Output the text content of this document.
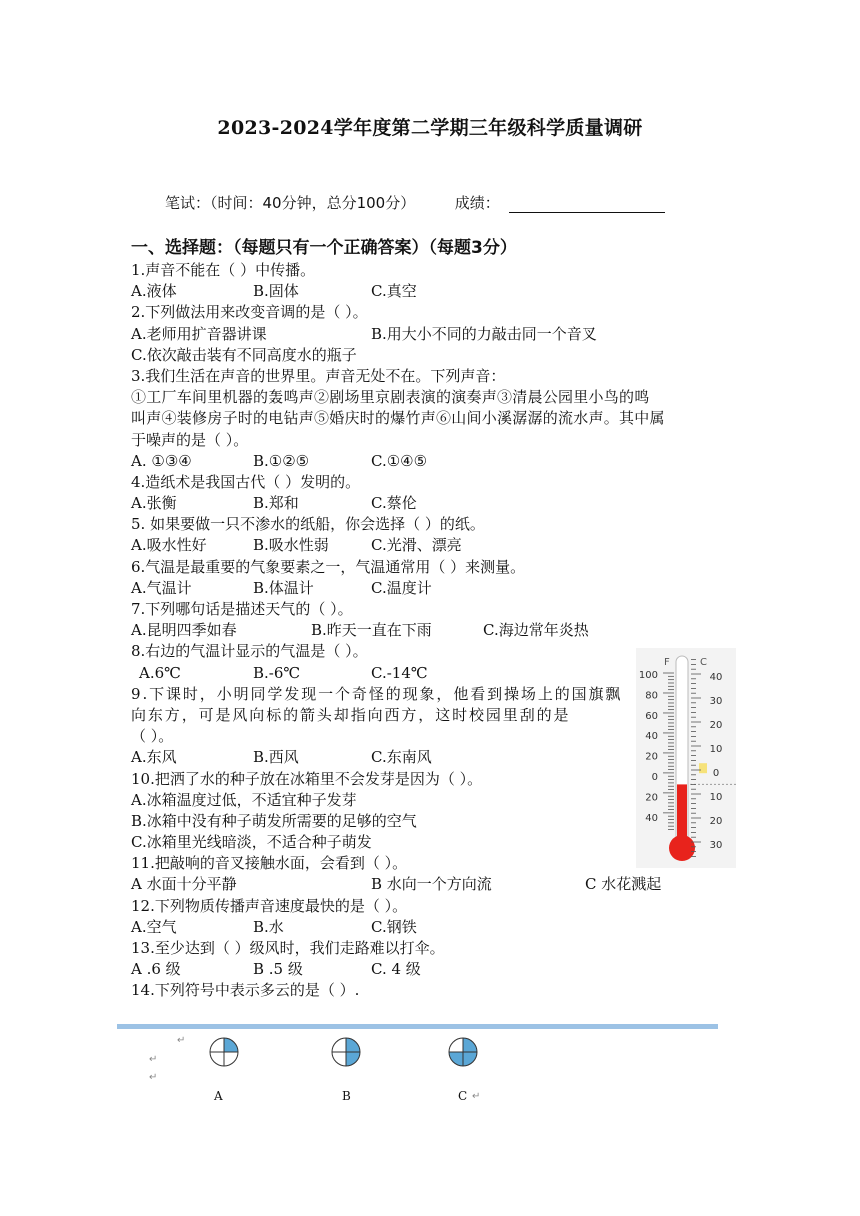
2023-2024学年度第二学期三年级科学质量调研
笔试：（时间：40分钟，总分100分）	成绩：
一、选择题：（每题只有一个正确答案）（每题3分）
1.声音不能在（ ）中传播。
A.液体	B.固体	C.真空
2.下列做法用来改变音调的是（ ）。
A.老师用扩音器讲课	B.用大小不同的力敲击同一个音叉
C.依次敲击装有不同高度水的瓶子
3.我们生活在声音的世界里。声音无处不在。下列声音：
①工厂车间里机器的轰鸣声②剧场里京剧表演的演奏声③清晨公园里小鸟的鸣
叫声④装修房子时的电钻声⑤婚庆时的爆竹声⑥山间小溪潺潺的流水声。其中属
于噪声的是（ ）。
A. ①③④	B.①②⑤	C.①④⑤
4.造纸术是我国古代（ ）发明的。
A.张衡	B.郑和	C.蔡伦
5. 如果要做一只不渗水的纸船，你会选择（ ）的纸。
A.吸水性好	B.吸水性弱	C.光滑、漂亮
6.气温是最重要的气象要素之一，气温通常用（ ）来测量。
A.气温计	B.体温计	C.温度计
7.下列哪句话是描述天气的（ ）。
A.昆明四季如春	B.昨天一直在下雨	C.海边常年炎热
8.右边的气温计显示的气温是（ ）。
A.6℃	B.-6℃	C.-14℃
9.下课时，小明同学发现一个奇怪的现象，他看到操场上的国旗飘
向东方，可是风向标的箭头却指向西方，这时校园里刮的是
（ ）。
A.东风	B.西风	C.东南风
10.把洒了水的种子放在冰箱里不会发芽是因为（ ）。
A.冰箱温度过低，不适宜种子发芽
B.冰箱中没有种子萌发所需要的足够的空气
C.冰箱里光线暗淡，不适合种子萌发
11.把敲响的音叉接触水面，会看到（ ）。
A 水面十分平静	B 水向一个方向流	C 水花溅起
12.下列物质传播声音速度最快的是（ ）。
A.空气	B.水	C.钢铁
13.至少达到（ ）级风时，我们走路难以打伞。
A .6 级	B .5 级	C. 4 级
14.下列符号中表示多云的是（ ）.
100
80
60
40
20
0
20
40
40
30
20
10
0
10
20
30
F	C
↵
↵
↵
A	B	C ↵
